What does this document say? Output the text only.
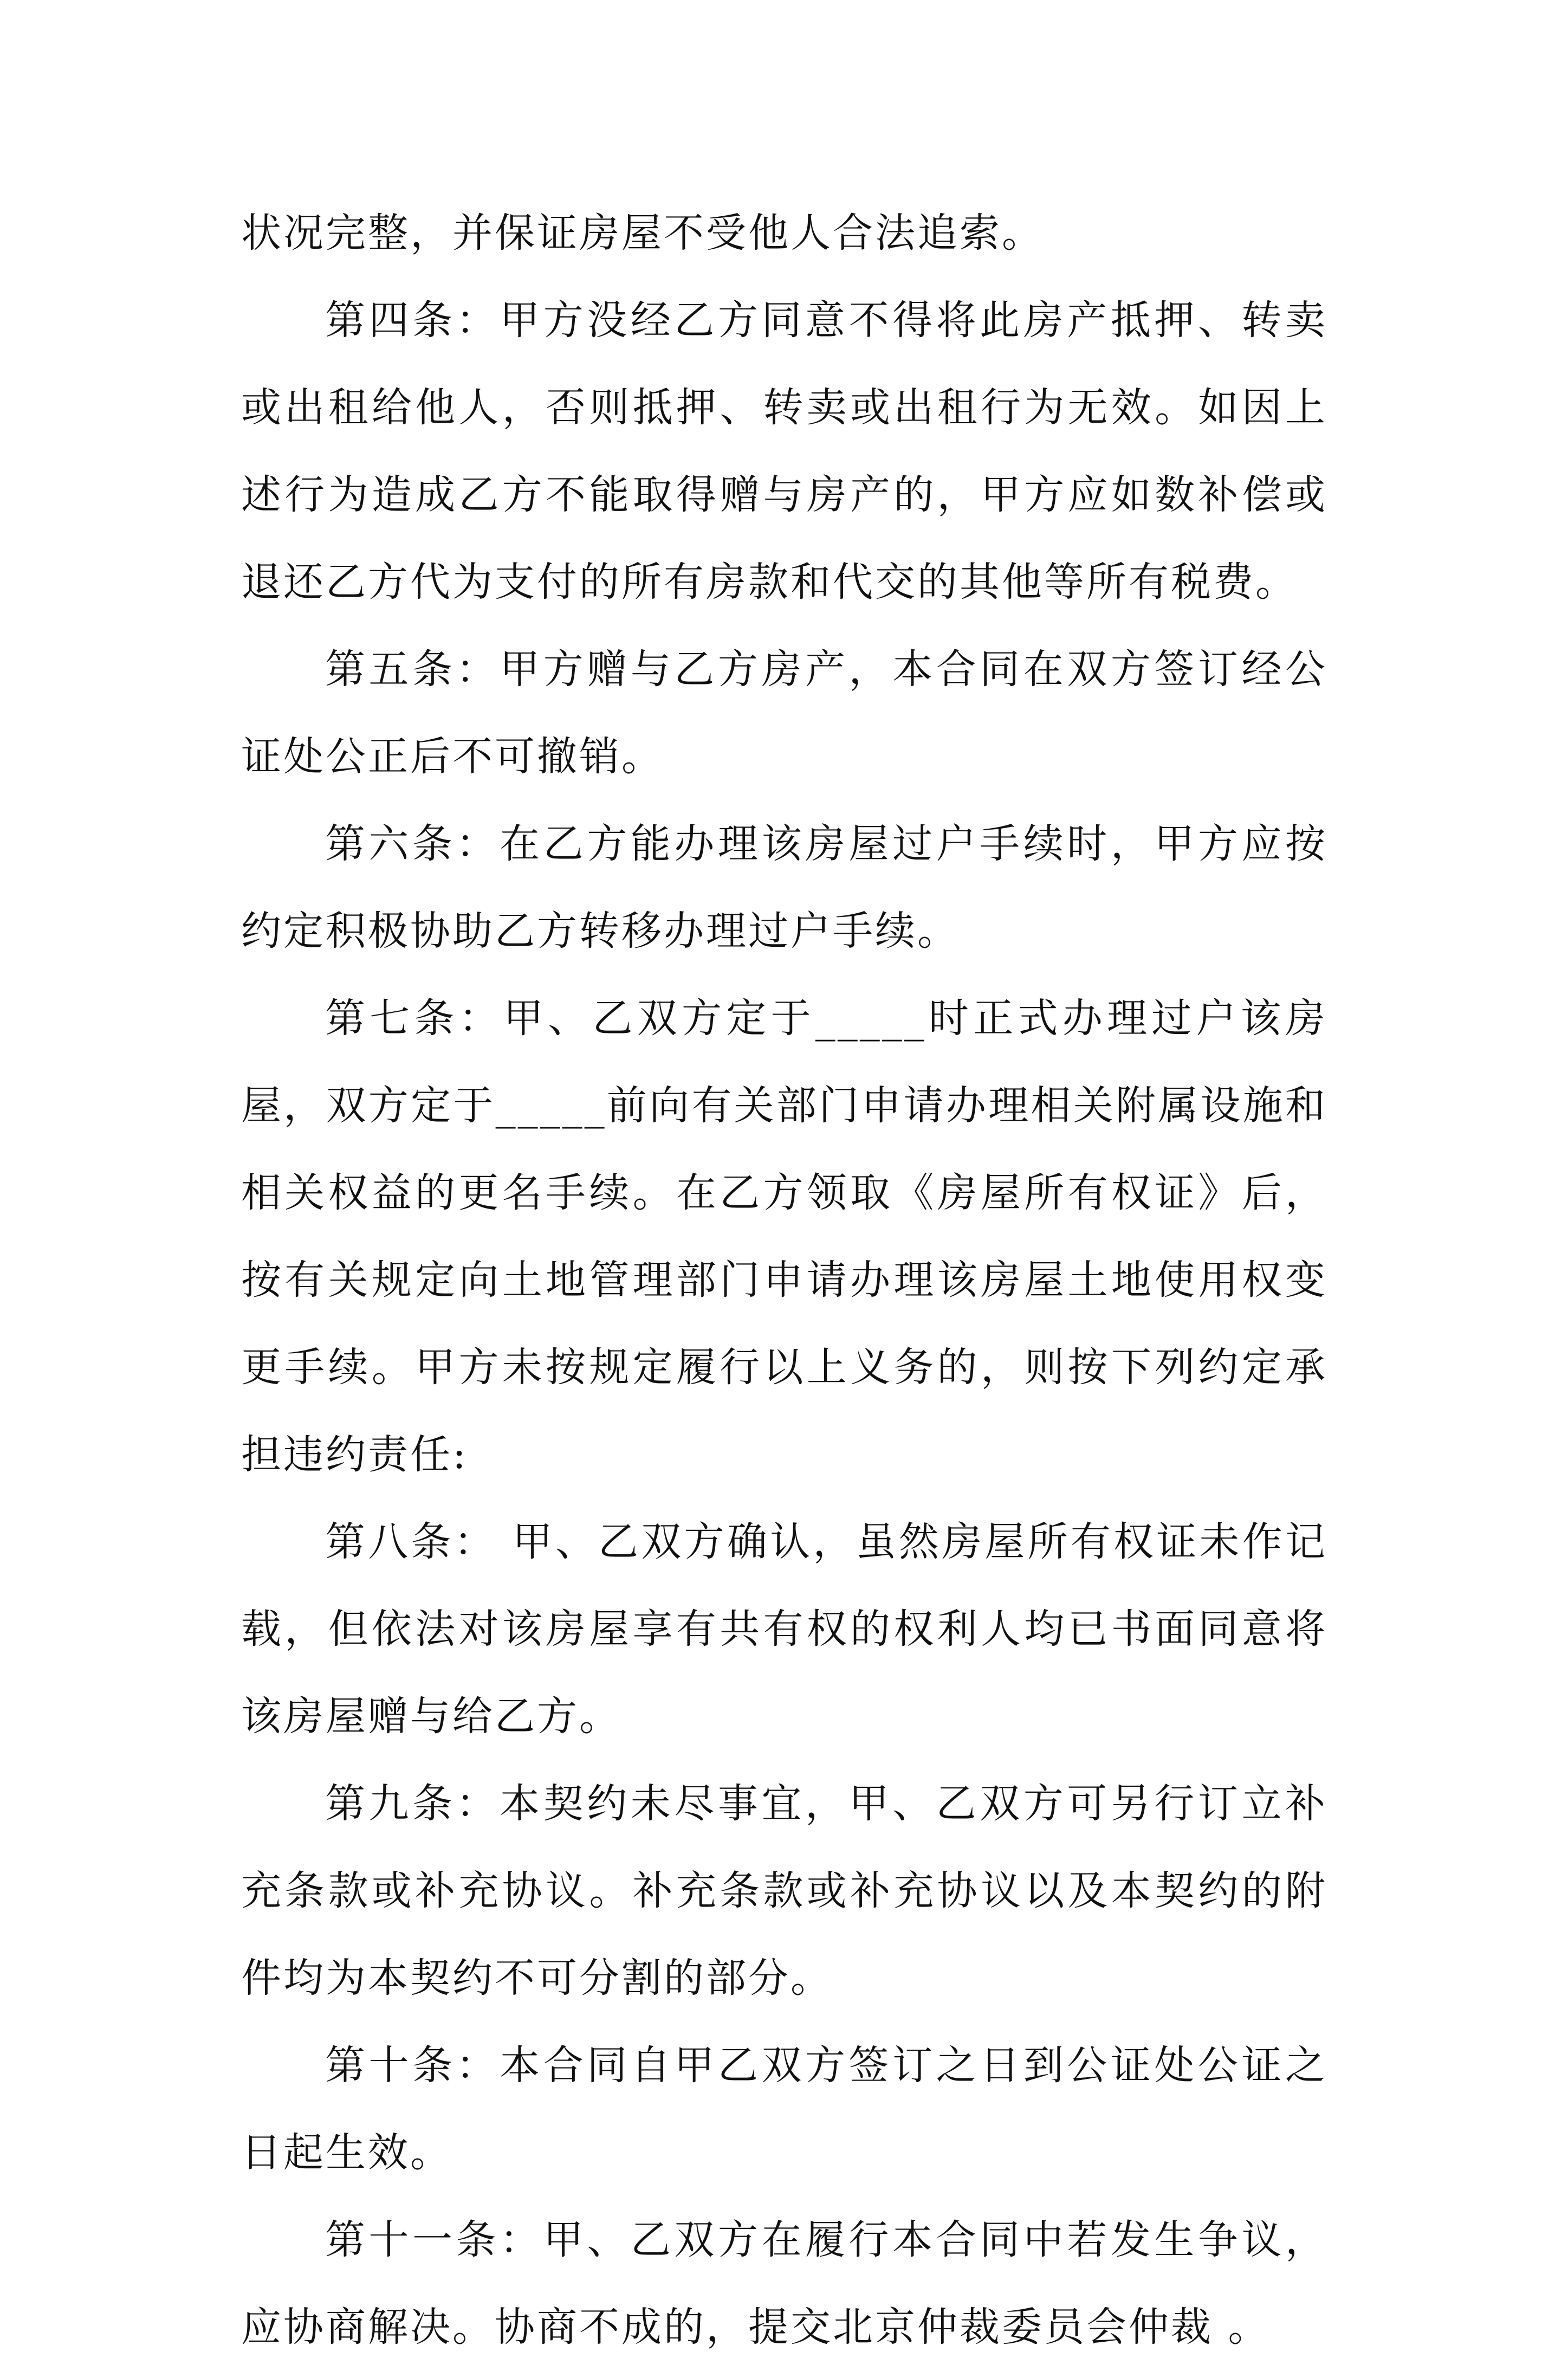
状况完整，并保证房屋不受他人合法追索。

第四条：甲方没经乙方同意不得将此房产抵押、转卖或出租给他人，否则抵押、转卖或出租行为无效。如因上述行为造成乙方不能取得赠与房产的，甲方应如数补偿或退还乙方代为支付的所有房款和代交的其他等所有税费。

第五条：甲方赠与乙方房产，本合同在双方签订经公证处公正后不可撤销。

第六条：在乙方能办理该房屋过户手续时，甲方应按约定积极协助乙方转移办理过户手续。

第七条：甲、乙双方定于_____时正式办理过户该房屋，双方定于_____前向有关部门申请办理相关附属设施和相关权益的更名手续。在乙方领取《房屋所有权证》后，按有关规定向土地管理部门申请办理该房屋土地使用权变更手续。甲方未按规定履行以上义务的，则按下列约定承担违约责任:

第八条： 甲、乙双方确认，虽然房屋所有权证未作记载，但依法对该房屋享有共有权的权利人均已书面同意将该房屋赠与给乙方。

第九条：本契约未尽事宜，甲、乙双方可另行订立补充条款或补充协议。补充条款或补充协议以及本契约的附件均为本契约不可分割的部分。

第十条：本合同自甲乙双方签订之日到公证处公证之日起生效。

第十一条：甲、乙双方在履行本合同中若发生争议，应协商解决。协商不成的，提交北京仲裁委员会仲裁 。
